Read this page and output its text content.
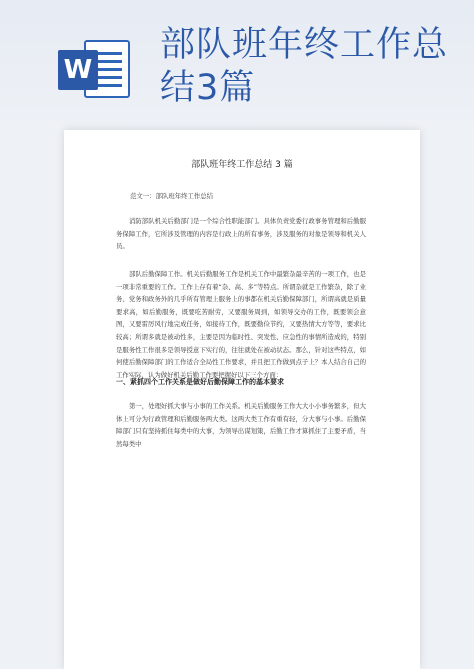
W
部队班年终工作总结3篇
部队班年终工作总结 3 篇

范文一：部队班年终工作总结

消防部队机关后勤部门是一个综合性职能部门。具体负责党委行政事务管理和后勤服务保障工作，它所涉及管理的内容是行政上的所有事务，涉及服务的对象是领导和机关人员。

部队后勤保障工作。机关后勤服务工作是机关工作中最繁杂最辛苦的一项工作，也是一项非常重要的工作。工作上存有着“杂、高、多”等特点。所谓杂就是工作繁杂，除了业务、党务和政务外的几乎所有管理上服务上的事都在机关后勤保障部门，所谓高就是质量要求高，如后勤服务，既要吃苦耐劳，又要服务周到，如领导交办的工作，既要领会意图，又要雷厉风行地完成任务，如接待工作，既要勤俭节约，又要热情大方等等，要求比较高；所谓多就是被动性多，主要是因为临时性、突发性、应急性的事情所造成的，特别是服务性工作很多是领导授意下实行的，往往就处在被动状态。那么，针对这些特点，如何使后勤保障部门的工作适合全局性工作要求，并且把工作做到点子上？本人结合自己的工作实际，认为做好机关后勤工作要把握好以下三个方面：

一、紧抓四个工作关系是做好后勤保障工作的基本要求

第一，处理好抓大事与小事的工作关系。机关后勤服务工作大大小小事务繁多，但大体上可分为行政管理和后勤服务两大类。这两大类工作有重有轻，分大事与小事。后勤保障部门只有坚持抓住每类中的大事，为领导出谋划策，后勤工作才算抓住了主要矛盾，当然每类中
